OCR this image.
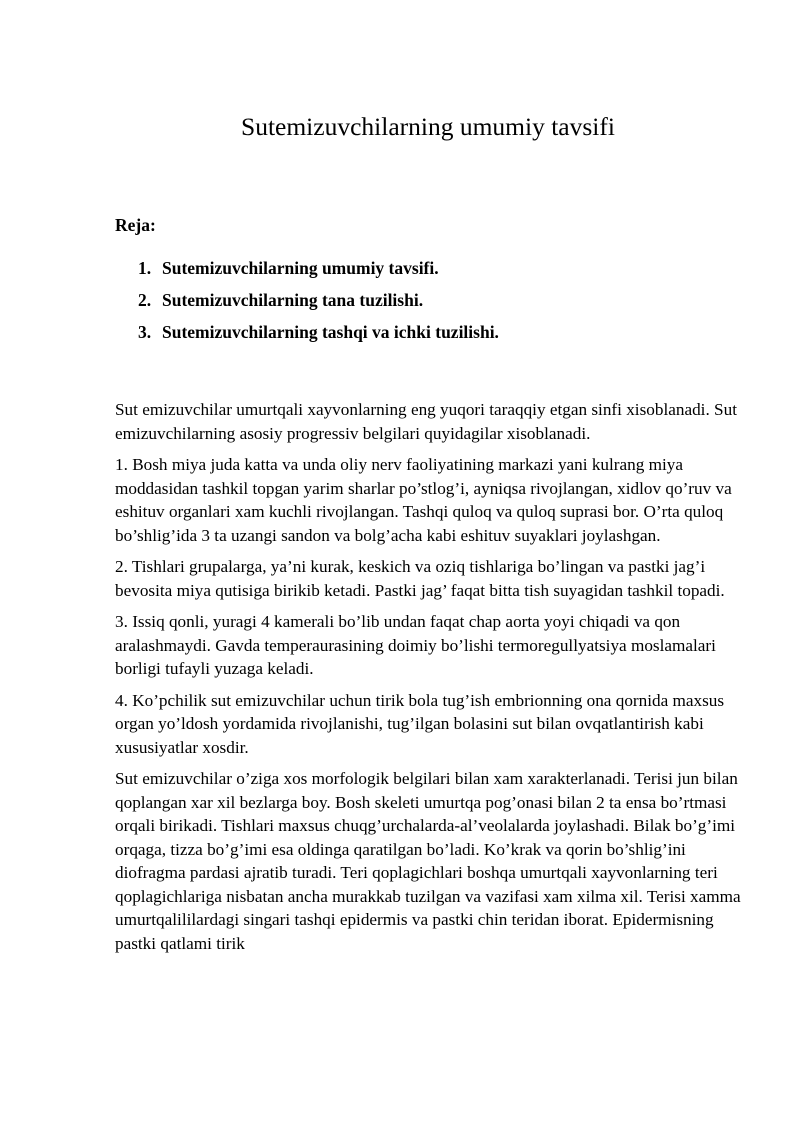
Sutemizuvchilarning umumiy tavsifi
Reja:
1. Sutemizuvchilarning umumiy tavsifi.
2. Sutemizuvchilarning tana tuzilishi.
3. Sutemizuvchilarning tashqi va ichki tuzilishi.

Sut emizuvchilar umurtqali xayvonlarning eng yuqori taraqqiy etgan sinfi xisoblanadi. Sut emizuvchilarning asosiy progressiv belgilari quyidagilar xisoblanadi.

1. Bosh miya juda katta va unda oliy nerv faoliyatining markazi yani kulrang miya moddasidan tashkil topgan yarim sharlar po’stlog’i, ayniqsa rivojlangan, xidlov qo’ruv va eshituv organlari xam kuchli rivojlangan. Tashqi quloq va quloq suprasi bor. O’rta quloq bo’shlig’ida 3 ta uzangi sandon va bolg’acha kabi eshituv suyaklari joylashgan.

2. Tishlari grupalarga, ya’ni kurak, keskich va oziq tishlariga bo’lingan va pastki jag’i bevosita miya qutisiga birikib ketadi. Pastki jag’ faqat bitta tish suyagidan tashkil topadi.

3. Issiq qonli, yuragi 4 kamerali bo’lib undan faqat chap aorta yoyi chiqadi va qon aralashmaydi. Gavda temperaurasining doimiy bo’lishi termoregullyatsiya moslamalari borligi tufayli yuzaga keladi.

4. Ko’pchilik sut emizuvchilar uchun tirik bola tug’ish embrionning ona qornida maxsus organ yo’ldosh yordamida rivojlanishi, tug’ilgan bolasini sut bilan ovqatlantirish kabi xususiyatlar xosdir.

Sut emizuvchilar o’ziga xos morfologik belgilari bilan xam xarakterlanadi. Terisi jun bilan qoplangan xar xil bezlarga boy. Bosh skeleti umurtqa pog’onasi bilan 2 ta ensa bo’rtmasi orqali birikadi. Tishlari maxsus chuqg’urchalarda-al’veolalarda joylashadi. Bilak bo’g’imi orqaga, tizza bo’g’imi esa oldinga qaratilgan bo’ladi. Ko’krak va qorin bo’shlig’ini diofragma pardasi ajratib turadi. Teri qoplagichlari boshqa umurtqali xayvonlarning teri qoplagichlariga nisbatan ancha murakkab tuzilgan va vazifasi xam xilma xil. Terisi xamma umurtqalililardagi singari tashqi epidermis va pastki chin teridan iborat. Epidermisning pastki qatlami tirik
